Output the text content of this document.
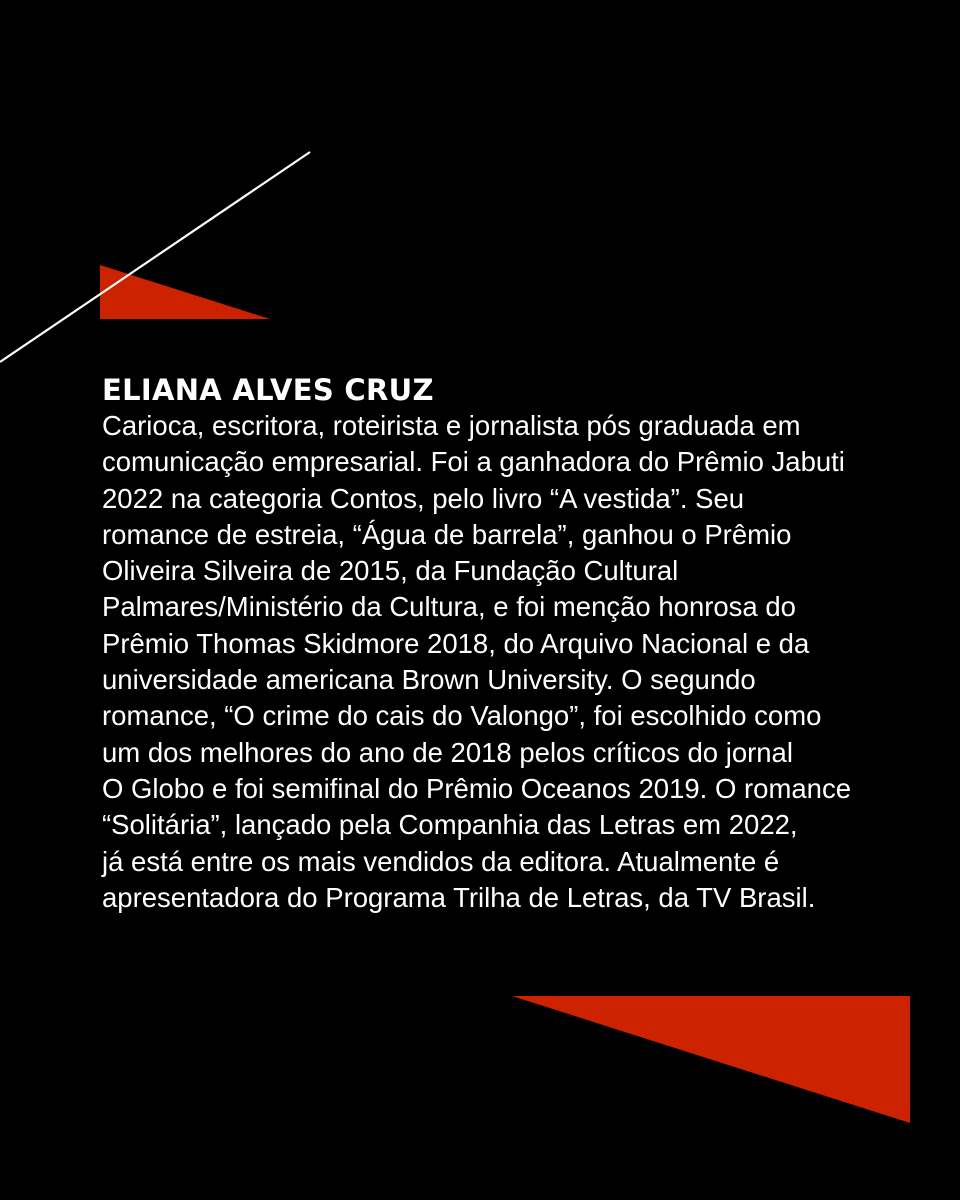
ELIANA ALVES CRUZ
Carioca, escritora, roteirista e jornalista pós graduada em
comunicação empresarial. Foi a ganhadora do Prêmio Jabuti
2022 na categoria Contos, pelo livro “A vestida”. Seu
romance de estreia, “Água de barrela”, ganhou o Prêmio
Oliveira Silveira de 2015, da Fundação Cultural
Palmares/Ministério da Cultura, e foi menção honrosa do
Prêmio Thomas Skidmore 2018, do Arquivo Nacional e da
universidade americana Brown University. O segundo
romance, “O crime do cais do Valongo”, foi escolhido como
um dos melhores do ano de 2018 pelos críticos do jornal
O Globo e foi semifinal do Prêmio Oceanos 2019. O romance
“Solitária”, lançado pela Companhia das Letras em 2022,
já está entre os mais vendidos da editora. Atualmente é
apresentadora do Programa Trilha de Letras, da TV Brasil.
